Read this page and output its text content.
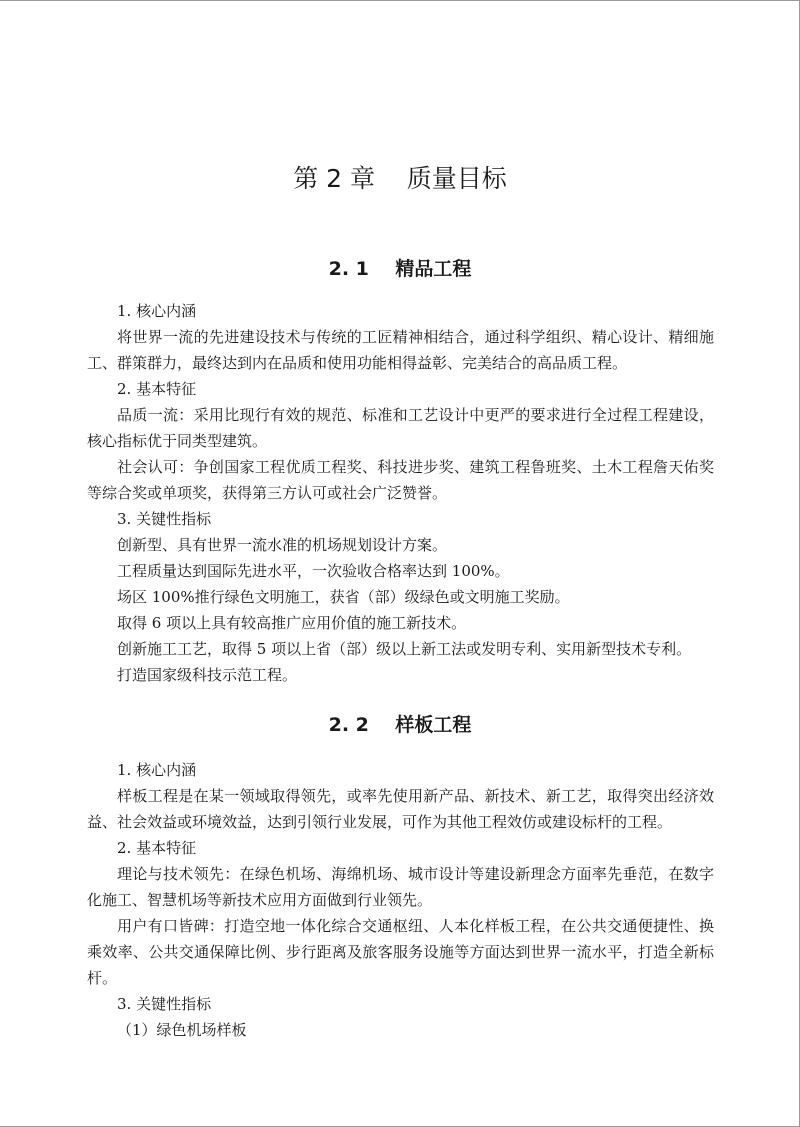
第 2 章    质量目标
2. 1    精品工程

1. 核心内涵

将世界一流的先进建设技术与传统的工匠精神相结合，通过科学组织、精心设计、精细施工、群策群力，最终达到内在品质和使用功能相得益彰、完美结合的高品质工程。

2. 基本特征

品质一流：采用比现行有效的规范、标准和工艺设计中更严的要求进行全过程工程建设，核心指标优于同类型建筑。

社会认可：争创国家工程优质工程奖、科技进步奖、建筑工程鲁班奖、土木工程詹天佑奖等综合奖或单项奖，获得第三方认可或社会广泛赞誉。

3. 关键性指标

创新型、具有世界一流水准的机场规划设计方案。

工程质量达到国际先进水平，一次验收合格率达到 100%。

场区 100%推行绿色文明施工，获省（部）级绿色或文明施工奖励。

取得 6 项以上具有较高推广应用价值的施工新技术。

创新施工工艺，取得 5 项以上省（部）级以上新工法或发明专利、实用新型技术专利。

打造国家级科技示范工程。

2. 2    样板工程

1. 核心内涵

样板工程是在某一领域取得领先，或率先使用新产品、新技术、新工艺，取得突出经济效益、社会效益或环境效益，达到引领行业发展，可作为其他工程效仿或建设标杆的工程。

2. 基本特征

理论与技术领先：在绿色机场、海绵机场、城市设计等建设新理念方面率先垂范，在数字化施工、智慧机场等新技术应用方面做到行业领先。

用户有口皆碑：打造空地一体化综合交通枢纽、人本化样板工程，在公共交通便捷性、换乘效率、公共交通保障比例、步行距离及旅客服务设施等方面达到世界一流水平，打造全新标杆。

3. 关键性指标

（1）绿色机场样板
